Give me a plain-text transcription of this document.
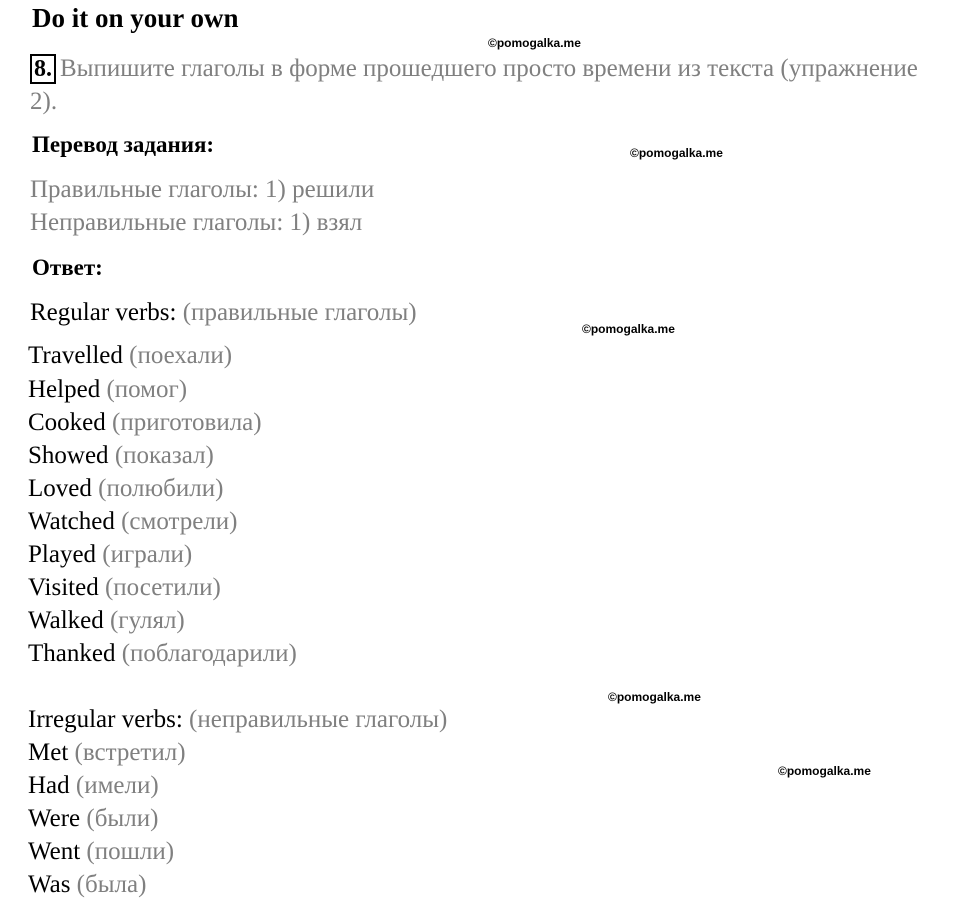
Do it on your own
©pomogalka.me
©pomogalka.me
©pomogalka.me
©pomogalka.me
©pomogalka.me
8. Выпишите глаголы в форме прошедшего просто времени из текста (упражнение 2).
Перевод задания:
Правильные глаголы: 1) решили
Неправильные глаголы: 1) взял
Ответ:
Regular verbs: (правильные глаголы)
Travelled (поехали)
Helped (помог)
Cooked (приготовила)
Showed (показал)
Loved (полюбили)
Watched (смотрели)
Played (играли)
Visited (посетили)
Walked (гулял)
Thanked (поблагодарили)
Irregular verbs: (неправильные глаголы)
Met (встретил)
Had (имели)
Were (были)
Went (пошли)
Was (была)
